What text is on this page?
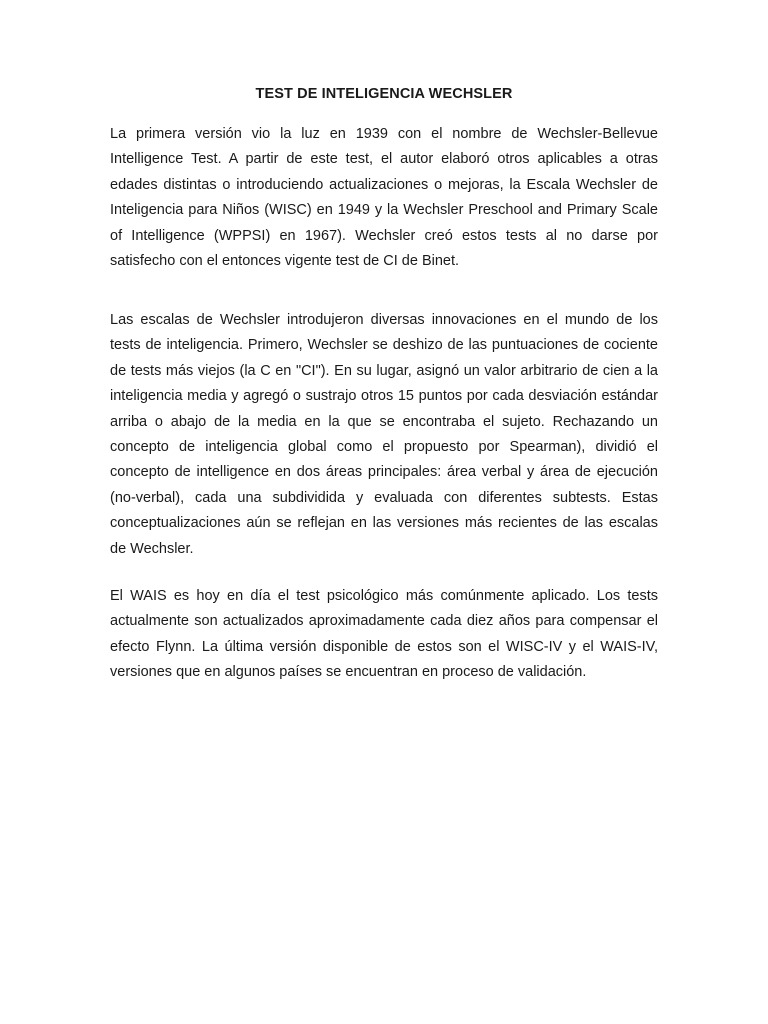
TEST DE INTELIGENCIA WECHSLER

La primera versión vio la luz en 1939 con el nombre de Wechsler-Bellevue Intelligence Test. A partir de este test, el autor elaboró otros aplicables a otras edades distintas o introduciendo actualizaciones o mejoras, la Escala Wechsler de Inteligencia para Niños (WISC) en 1949 y la Wechsler Preschool and Primary Scale of Intelligence (WPPSI) en 1967). Wechsler creó estos tests al no darse por satisfecho con el entonces vigente test de CI de Binet.

Las escalas de Wechsler introdujeron diversas innovaciones en el mundo de los tests de inteligencia. Primero, Wechsler se deshizo de las puntuaciones de cociente de tests más viejos (la C en "CI"). En su lugar, asignó un valor arbitrario de cien a la inteligencia media y agregó o sustrajo otros 15 puntos por cada desviación estándar arriba o abajo de la media en la que se encontraba el sujeto. Rechazando un concepto de inteligencia global como el propuesto por Spearman), dividió el concepto de intelligence en dos áreas principales: área verbal y área de ejecución (no-verbal), cada una subdividida y evaluada con diferentes subtests. Estas conceptualizaciones aún se reflejan en las versiones más recientes de las escalas de Wechsler.

El WAIS es hoy en día el test psicológico más comúnmente aplicado. Los tests actualmente son actualizados aproximadamente cada diez años para compensar el efecto Flynn. La última versión disponible de estos son el WISC-IV y el WAIS-IV, versiones que en algunos países se encuentran en proceso de validación.
